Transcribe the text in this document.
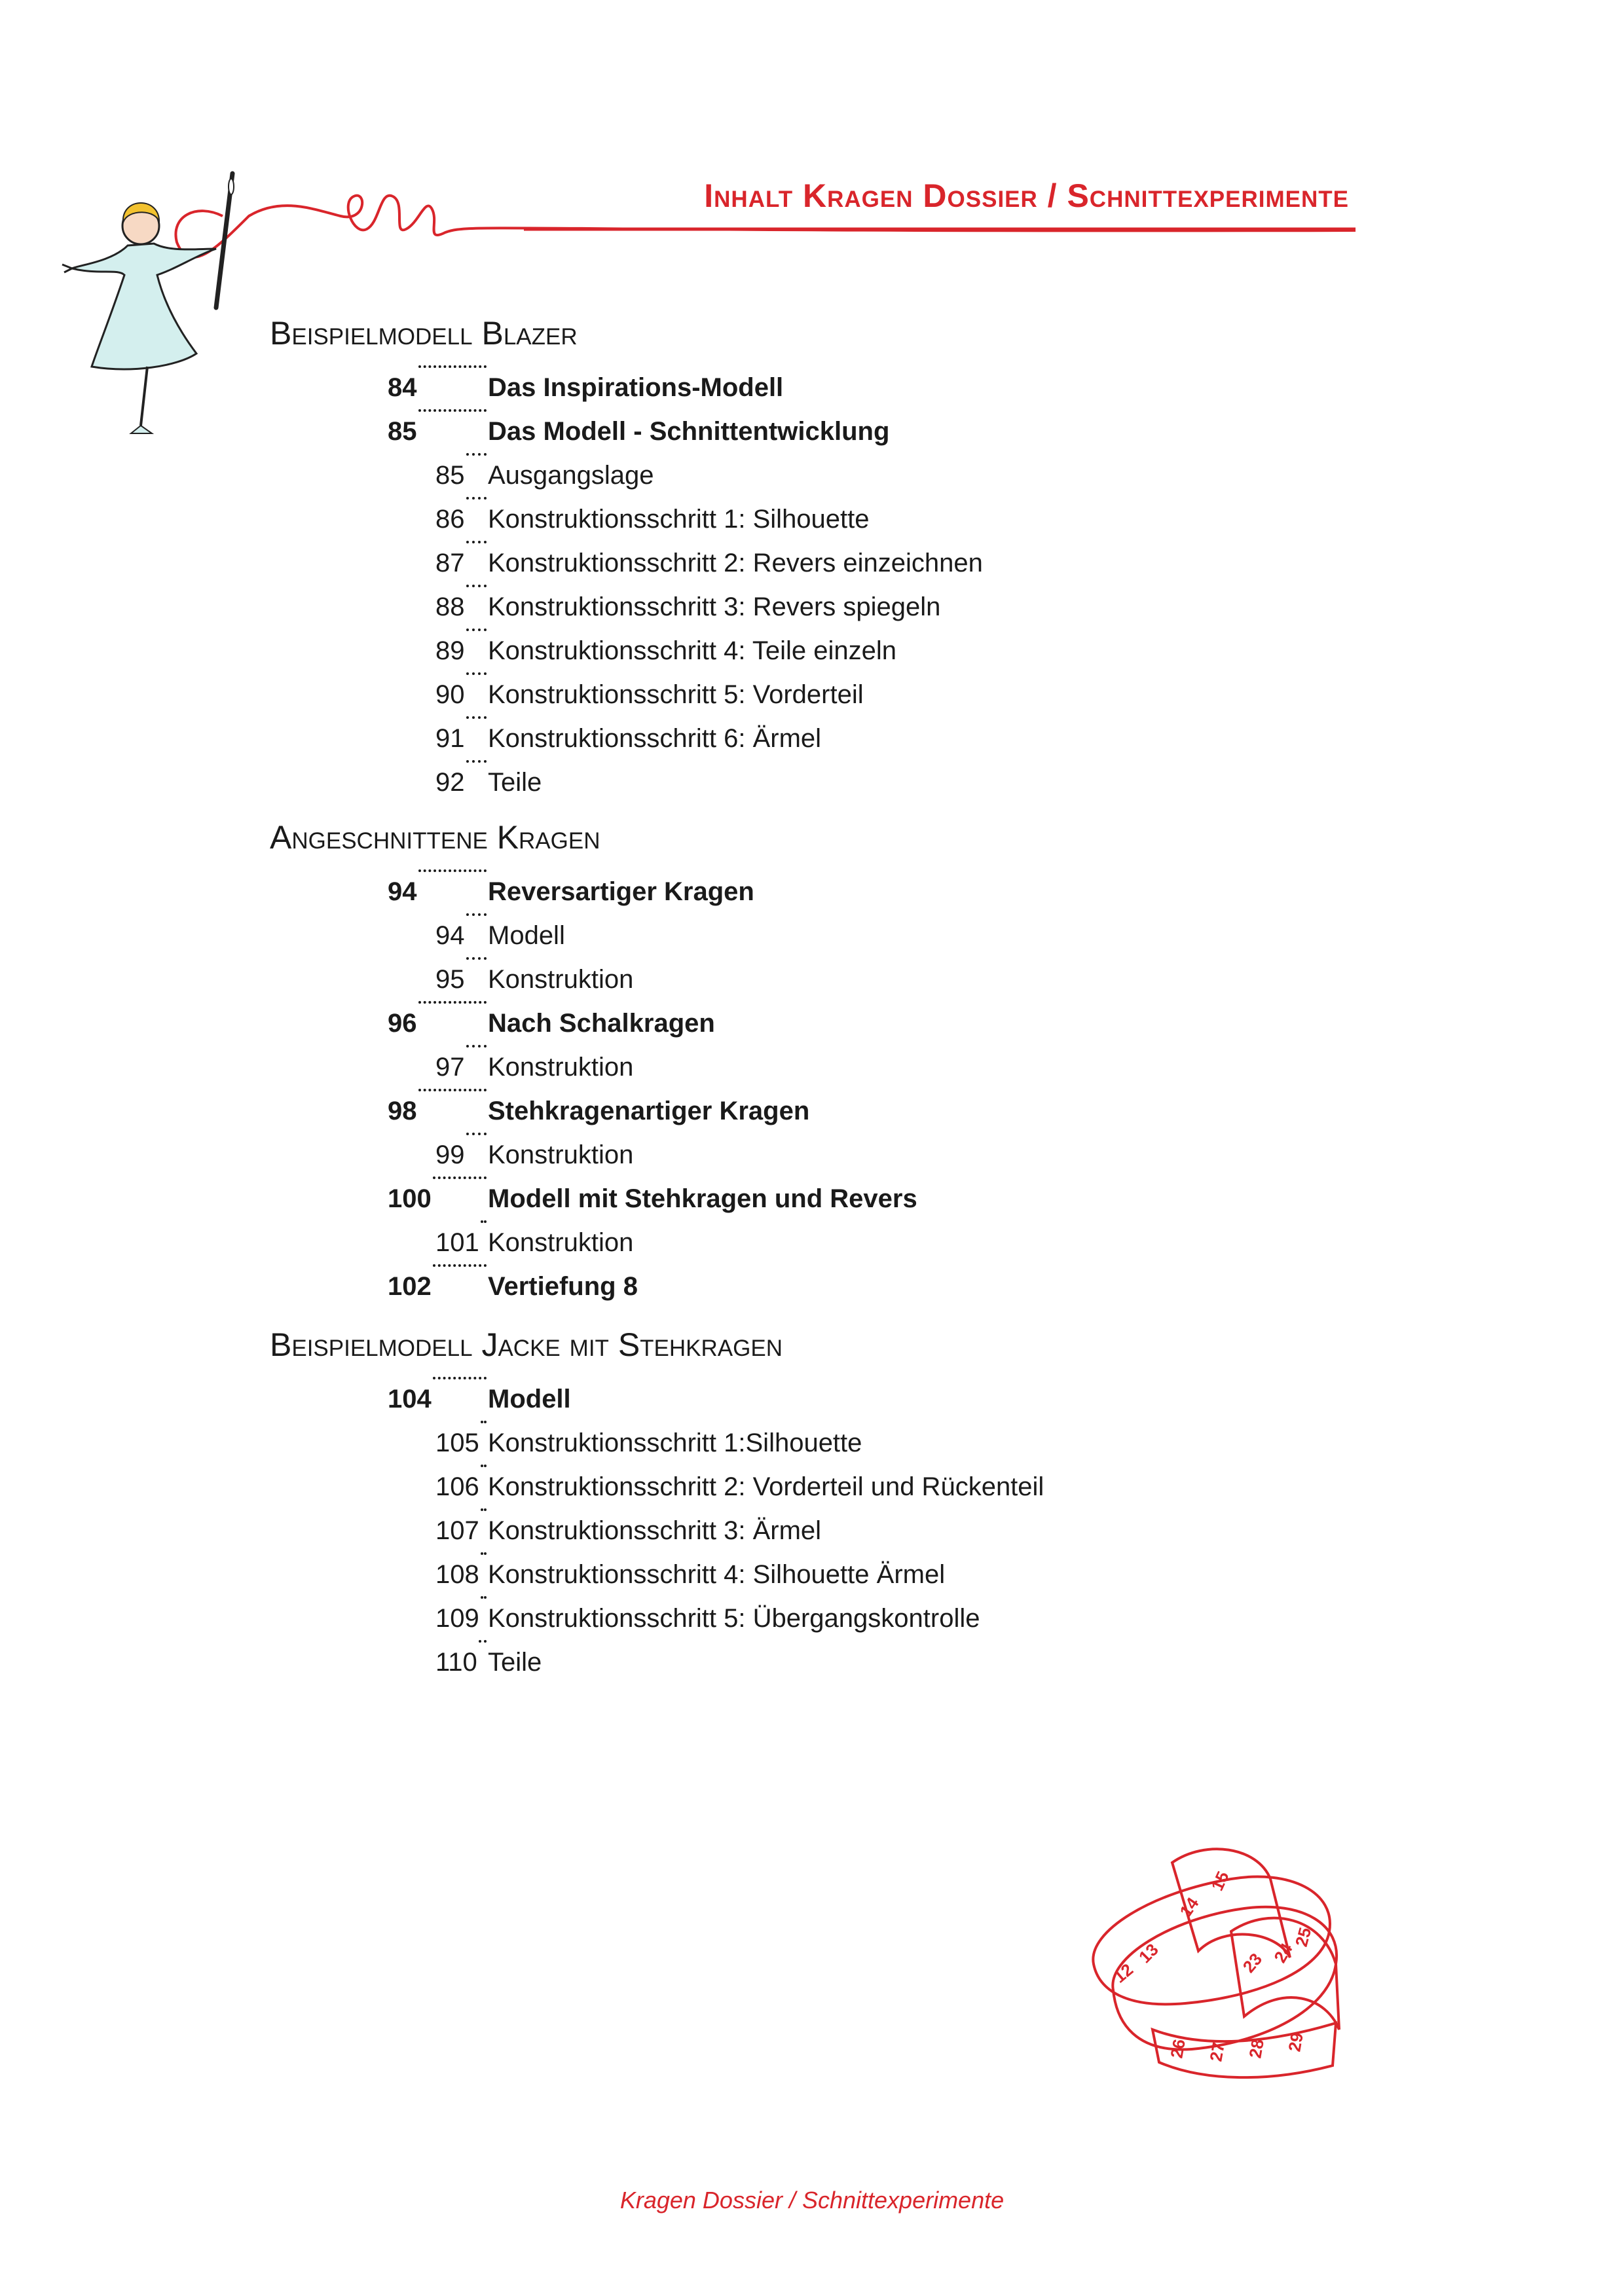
Inhalt Kragen Dossier / Schnittexperimente
Beispielmodell Blazer
84	Das Inspirations-Modell
85	Das Modell - Schnittentwicklung
85 Ausgangslage
86 Konstruktionsschritt 1: Silhouette
87 Konstruktionsschritt 2: Revers einzeichnen
88 Konstruktionsschritt 3: Revers spiegeln
89 Konstruktionsschritt 4: Teile einzeln
90 Konstruktionsschritt 5: Vorderteil
91 Konstruktionsschritt 6: Ärmel
92 Teile
Angeschnittene Kragen
94	Reversartiger Kragen
94 Modell
95 Konstruktion
96	Nach Schalkragen
97 Konstruktion
98	Stehkragenartiger Kragen
99 Konstruktion
100 Modell mit Stehkragen und Revers
101 Konstruktion
102 Vertiefung 8
Beispielmodell Jacke mit Stehkragen
104 Modell
105 Konstruktionsschritt 1:Silhouette
106 Konstruktionsschritt 2: Vorderteil und Rückenteil
107 Konstruktionsschritt 3: Ärmel
108 Konstruktionsschritt 4: Silhouette Ärmel
109 Konstruktionsschritt 5: Übergangskontrolle
110 Teile
12
13
14
15
23 24
25
26 27 28 29
Kragen Dossier / Schnittexperimente
